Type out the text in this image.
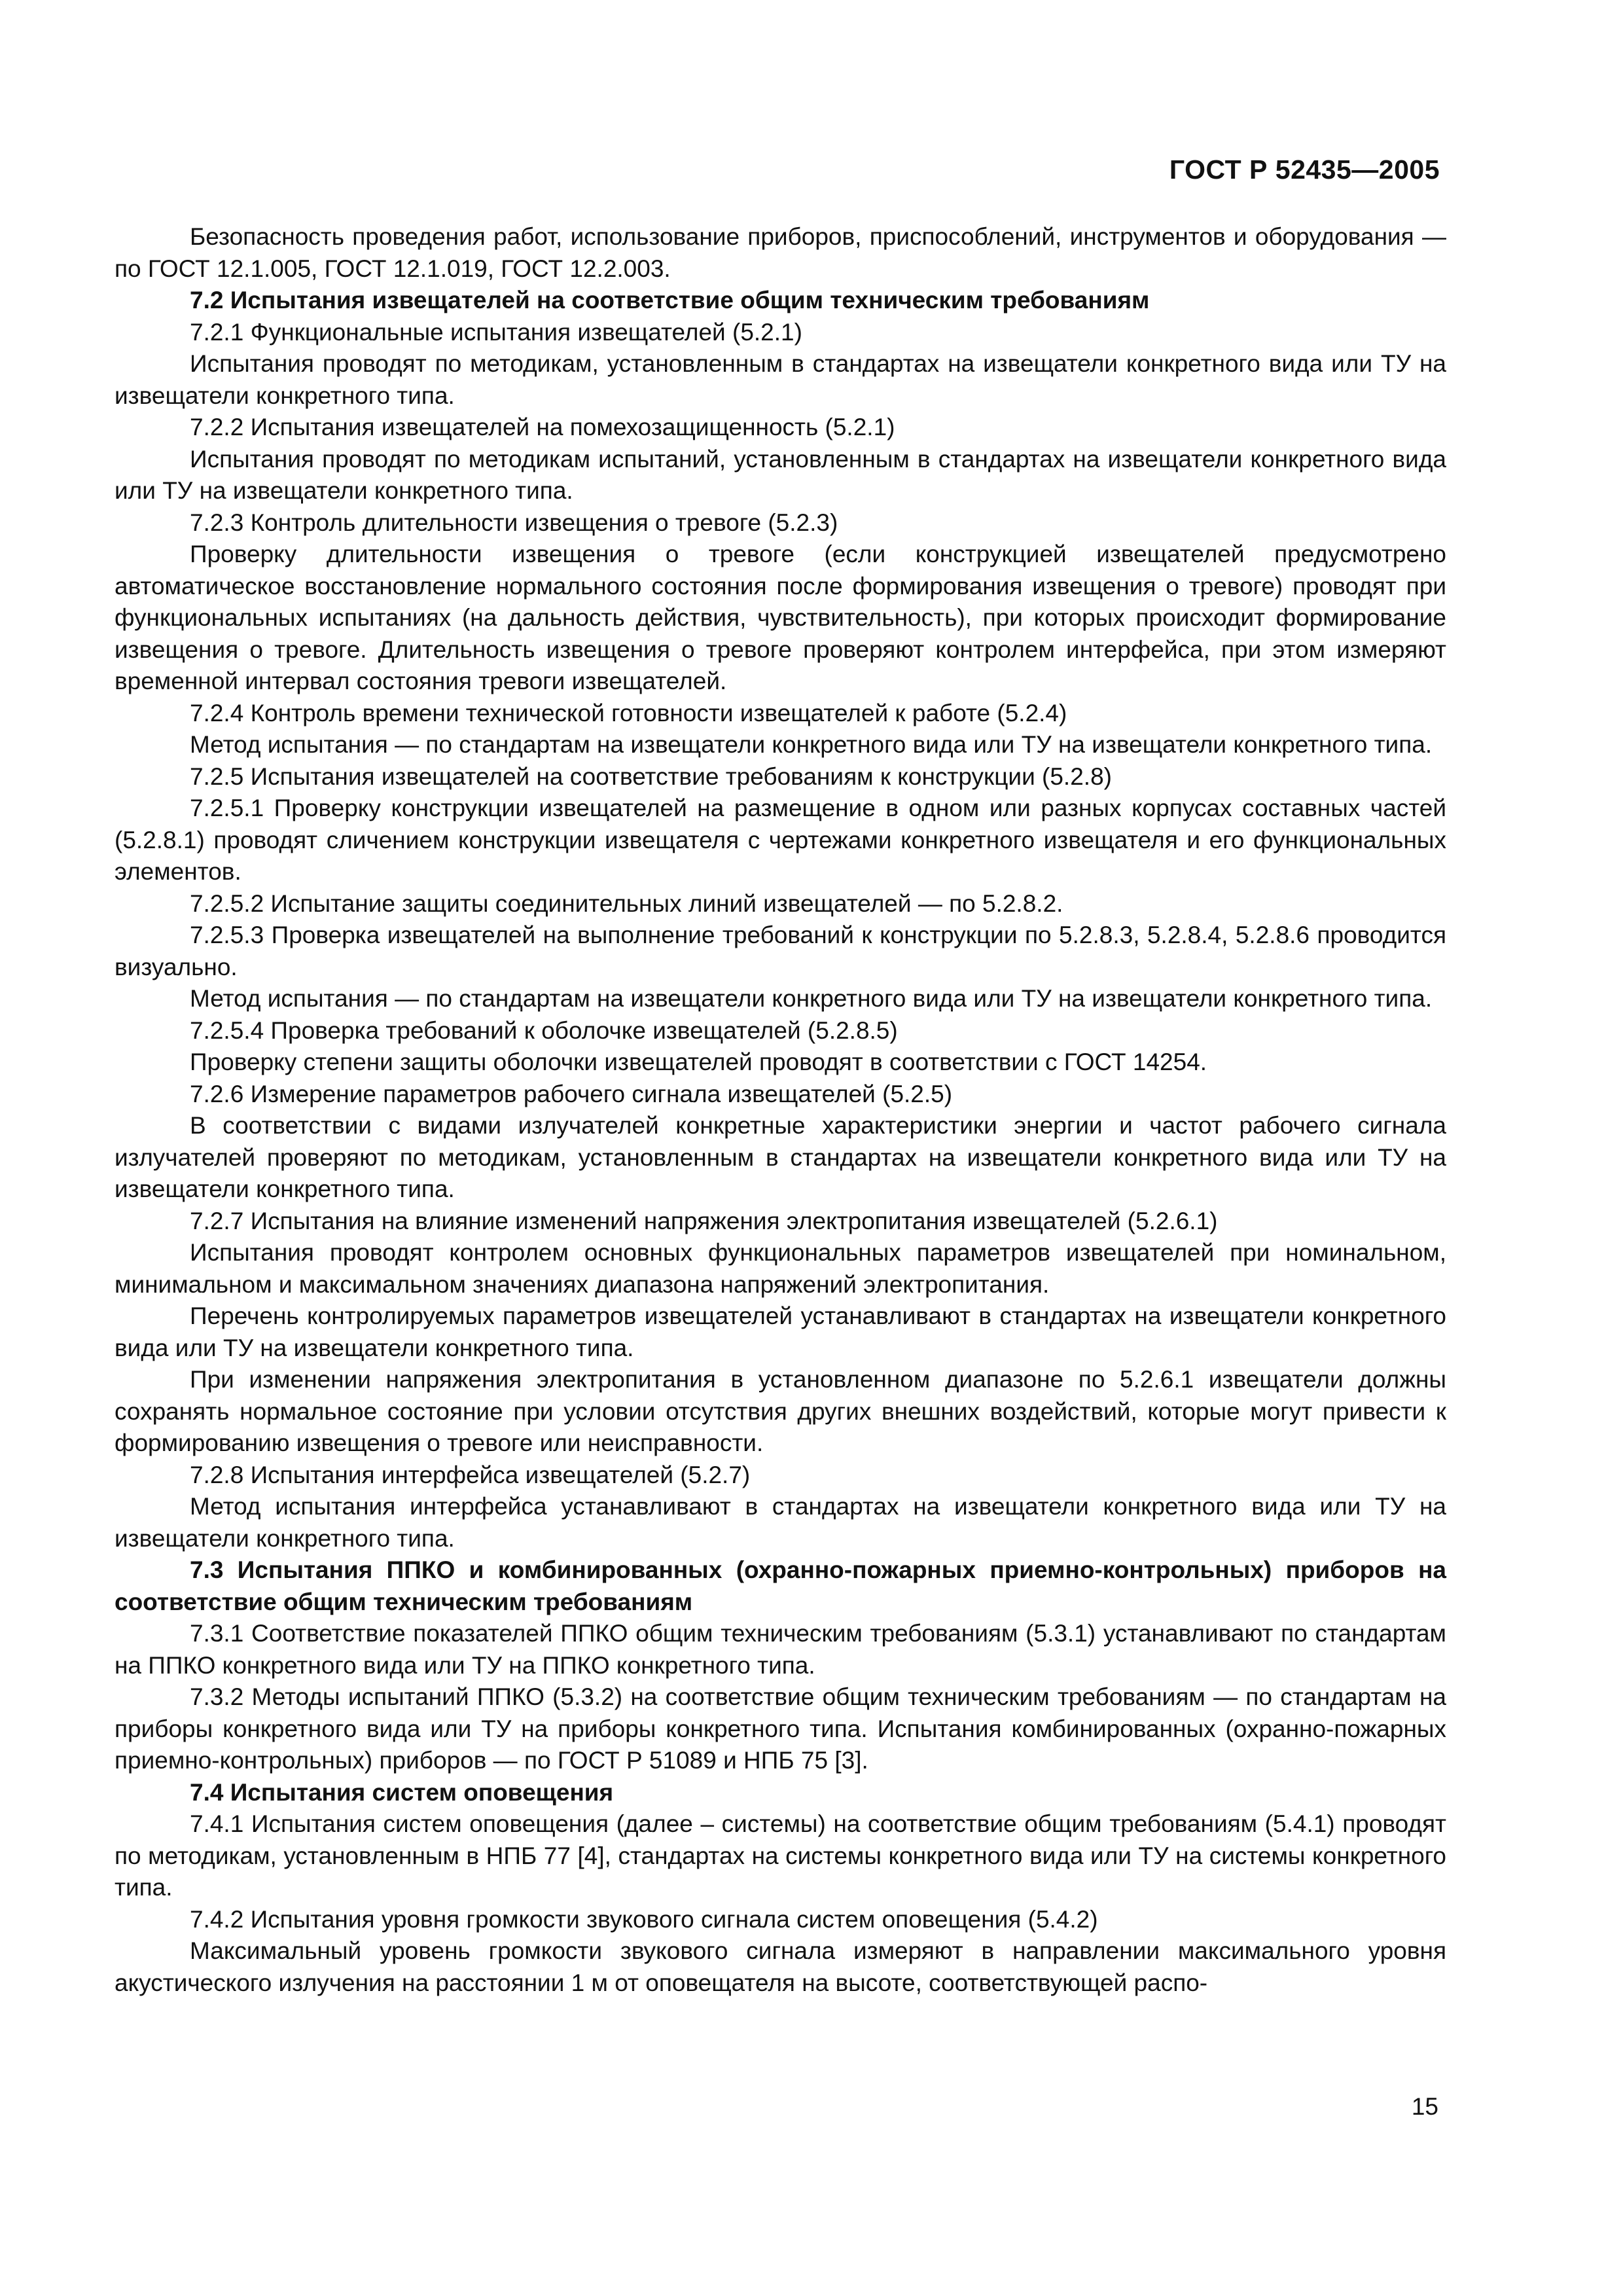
ГОСТ Р 52435—2005

Безопасность проведения работ, использование приборов, приспособлений, инструментов и оборудования — по ГОСТ 12.1.005, ГОСТ 12.1.019, ГОСТ 12.2.003.

7.2 Испытания извещателей на соответствие общим техническим требованиям

7.2.1 Функциональные испытания извещателей (5.2.1)

Испытания проводят по методикам, установленным в стандартах на извещатели конкретного вида или ТУ на извещатели конкретного типа.

7.2.2 Испытания извещателей на помехозащищенность (5.2.1)

Испытания проводят по методикам испытаний, установленным в стандартах на извещатели конкретного вида или ТУ на извещатели конкретного типа.

7.2.3 Контроль длительности извещения о тревоге (5.2.3)

Проверку длительности извещения о тревоге (если конструкцией извещателей предусмотрено автоматическое восстановление нормального состояния после формирования извещения о тревоге) проводят при функциональных испытаниях (на дальность действия, чувствительность), при которых происходит формирование извещения о тревоге. Длительность извещения о тревоге проверяют контролем интерфейса, при этом измеряют временной интервал состояния тревоги извещателей.

7.2.4 Контроль времени технической готовности извещателей к работе (5.2.4)

Метод испытания — по стандартам на извещатели конкретного вида или ТУ на извещатели конкретного типа.

7.2.5 Испытания извещателей на соответствие требованиям к конструкции (5.2.8)

7.2.5.1 Проверку конструкции извещателей на размещение в одном или разных корпусах составных частей (5.2.8.1) проводят сличением конструкции извещателя с чертежами конкретного извещателя и его функциональных элементов.

7.2.5.2 Испытание защиты соединительных линий извещателей — по 5.2.8.2.

7.2.5.3 Проверка извещателей на выполнение требований к конструкции по 5.2.8.3, 5.2.8.4, 5.2.8.6 проводится визуально.

Метод испытания — по стандартам на извещатели конкретного вида или ТУ на извещатели конкретного типа.

7.2.5.4 Проверка требований к оболочке извещателей (5.2.8.5)

Проверку степени защиты оболочки извещателей проводят в соответствии с ГОСТ 14254.

7.2.6 Измерение параметров рабочего сигнала извещателей (5.2.5)

В соответствии с видами излучателей конкретные характеристики энергии и частот рабочего сигнала излучателей проверяют по методикам, установленным в стандартах на извещатели конкретного вида или ТУ на извещатели конкретного типа.

7.2.7 Испытания на влияние изменений напряжения электропитания извещателей (5.2.6.1)

Испытания проводят контролем основных функциональных параметров извещателей при номинальном, минимальном и максимальном значениях диапазона напряжений электропитания.

Перечень контролируемых параметров извещателей устанавливают в стандартах на извещатели конкретного вида или ТУ на извещатели конкретного типа.

При изменении напряжения электропитания в установленном диапазоне по 5.2.6.1 извещатели должны сохранять нормальное состояние при условии отсутствия других внешних воздействий, которые могут привести к формированию извещения о тревоге или неисправности.

7.2.8 Испытания интерфейса извещателей (5.2.7)

Метод испытания интерфейса устанавливают в стандартах на извещатели конкретного вида или ТУ на извещатели конкретного типа.

7.3 Испытания ППКО и комбинированных (охранно-пожарных приемно-контрольных) приборов на соответствие общим техническим требованиям

7.3.1 Соответствие показателей ППКО общим техническим требованиям (5.3.1) устанавливают по стандартам на ППКО конкретного вида или ТУ на ППКО конкретного типа.

7.3.2 Методы испытаний ППКО (5.3.2) на соответствие общим техническим требованиям — по стандартам на приборы конкретного вида или ТУ на приборы конкретного типа. Испытания комбинированных (охранно-пожарных приемно-контрольных) приборов — по ГОСТ Р 51089 и НПБ 75 [3].

7.4 Испытания систем оповещения

7.4.1 Испытания систем оповещения (далее – системы) на соответствие общим требованиям (5.4.1) проводят по методикам, установленным в НПБ 77 [4], стандартах на системы конкретного вида или ТУ на системы конкретного типа.

7.4.2 Испытания уровня громкости звукового сигнала систем оповещения (5.4.2)

Максимальный уровень громкости звукового сигнала измеряют в направлении максимального уровня акустического излучения на расстоянии 1 м от оповещателя на высоте, соответствующей распо-

15
